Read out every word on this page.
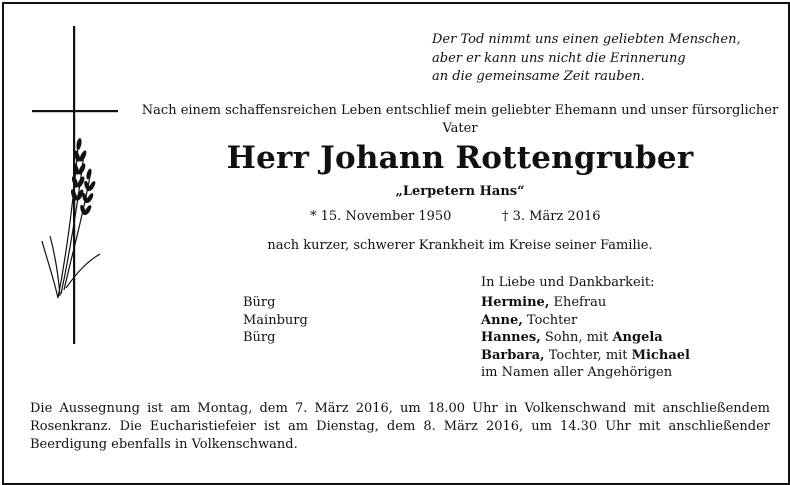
Der Tod nimmt uns einen geliebten Menschen,
aber er kann uns nicht die Erinnerung
an die gemeinsame Zeit rauben.
Nach einem schaffensreichen Leben entschlief mein geliebter Ehemann und unser fürsorglicher Vater
Herr Johann Rottengruber
„Lerpetern Hans“
* 15. November 1950	† 3. März 2016
nach kurzer, schwerer Krankheit im Kreise seiner Familie.
In Liebe und Dankbarkeit:
Bürg
Mainburg
Bürg
Hermine, Ehefrau
Anne, Tochter
Hannes, Sohn, mit Angela
Barbara, Tochter, mit Michael
im Namen aller Angehörigen
Die Aussegnung ist am Montag, dem 7. März 2016, um 18.00 Uhr in Volkenschwand mit anschließendem Rosenkranz. Die Eucharistiefeier ist am Dienstag, dem 8. März 2016, um 14.30 Uhr mit anschließender Beerdigung ebenfalls in Volkenschwand.
